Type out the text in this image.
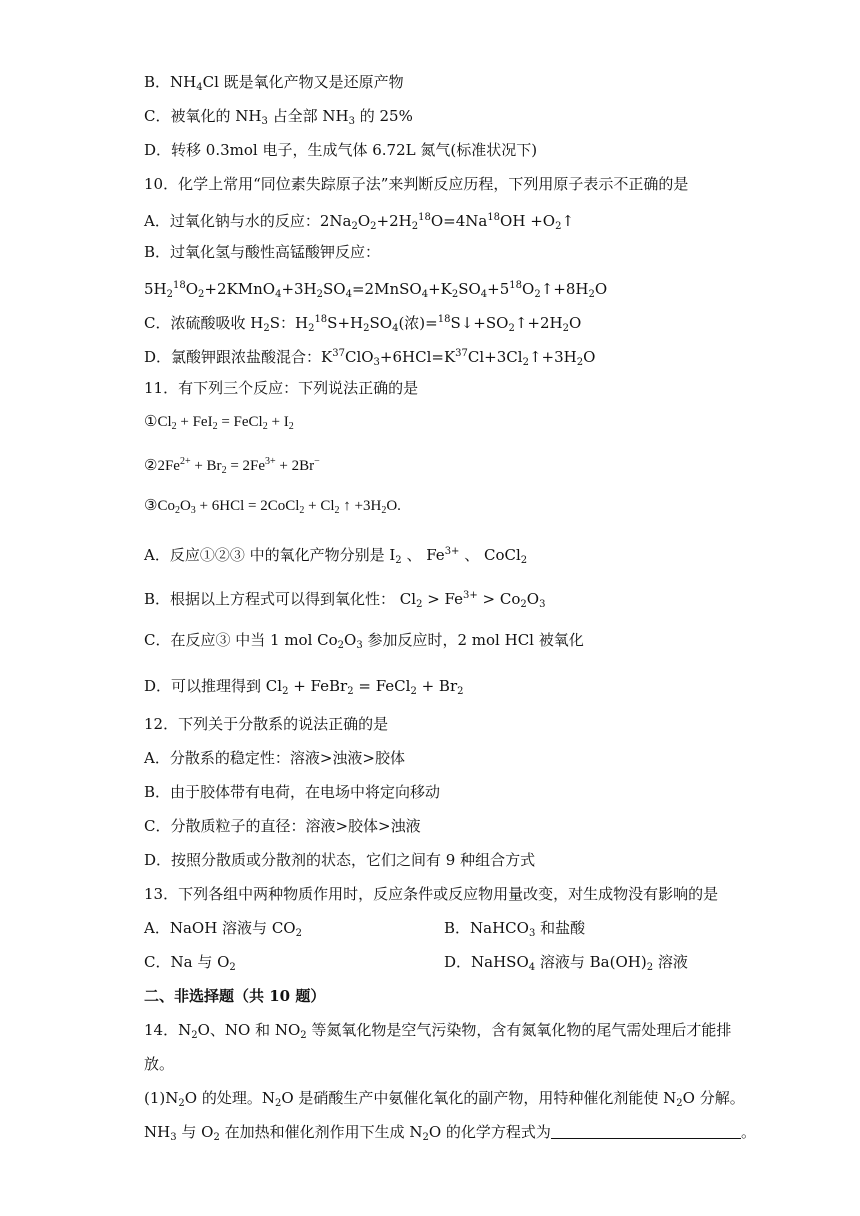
B．$NH_4Cl$ 既是氧化产物又是还原产物
C．被氧化的 $NH_3$ 占全部 $NH_3$ 的 25%
D．转移 0.3mol 电子，生成气体 6.72L 氮气(标准状况下)
10．化学上常用“同位素失踪原子法”来判断反应历程，下列用原子表示不正确的是
A．过氧化钠与水的反应：$2Na_2O_2+2H_2^{18}O=4Na^{18}OH$ $+O_2↑$
B．过氧化氢与酸性高锰酸钾反应：
$5H_2^{18}O_2+2KMnO_4+3H_2SO_4=2MnSO_4+K_2SO_4+5^{18}O_2↑+8H_2O$
C．浓硫酸吸收 $H_2S$：$H_2^{18}S+H_2SO_4$(浓)$=^{18}S↓+SO_2↑+2H_2O$
D．氯酸钾跟浓盐酸混合：$K^{37}ClO_3+6HCl=K^{37}Cl+3Cl_2↑+3H_2O$
11．有下列三个反应：下列说法正确的是
$①Cl_2 + FeI_2$ = FeCl$_2$ + $I_2$
$②2Fe^{2+} + Br_2 = 2Fe^{3+} + 2Br^-$
$③Co_2O_3 + 6HCl$ = 2CoCl$_2$ + $Cl_2$ ↑ $+3H_2O$.
A．反应①②③ 中的氧化产物分别是 $I_2$ 、 $Fe^{3+}$ 、 CoCl$_2$
B．根据以上方程式可以得到氧化性： $Cl_2 > Fe^{3+} > Co_2O_3$
C．在反应③ 中当 1 mol $Co_2O_3$ 参加反应时，2 mol HCl 被氧化
D．可以推理得到 $Cl_2$ + FeBr$_2$ = FeCl$_2$ + $Br_2$
12．下列关于分散系的说法正确的是
A．分散系的稳定性：溶液>浊液>胶体
B．由于胶体带有电荷，在电场中将定向移动
C．分散质粒子的直径：溶液>胶体>浊液
D．按照分散质或分散剂的状态，它们之间有 9 种组合方式
13．下列各组中两种物质作用时，反应条件或反应物用量改变，对生成物没有影响的是
A．NaOH 溶液与 $CO_2$	B．NaHCO$_3$ 和盐酸
C．Na 与 $O_2$	D．NaHSO$_4$ 溶液与 $Ba(OH)_2$ 溶液
二、非选择题（共 10 题）
14．$N_2O$、NO 和 $NO_2$ 等氮氧化物是空气污染物，含有氮氧化物的尾气需处理后才能排
放。
$(1)N_2O$ 的处理。$N_2O$ 是硝酸生产中氨催化氧化的副产物，用特种催化剂能使 $N_2O$ 分解。
$NH_3$ 与 $O_2$ 在加热和催化剂作用下生成 $N_2O$ 的化学方程式为	。
